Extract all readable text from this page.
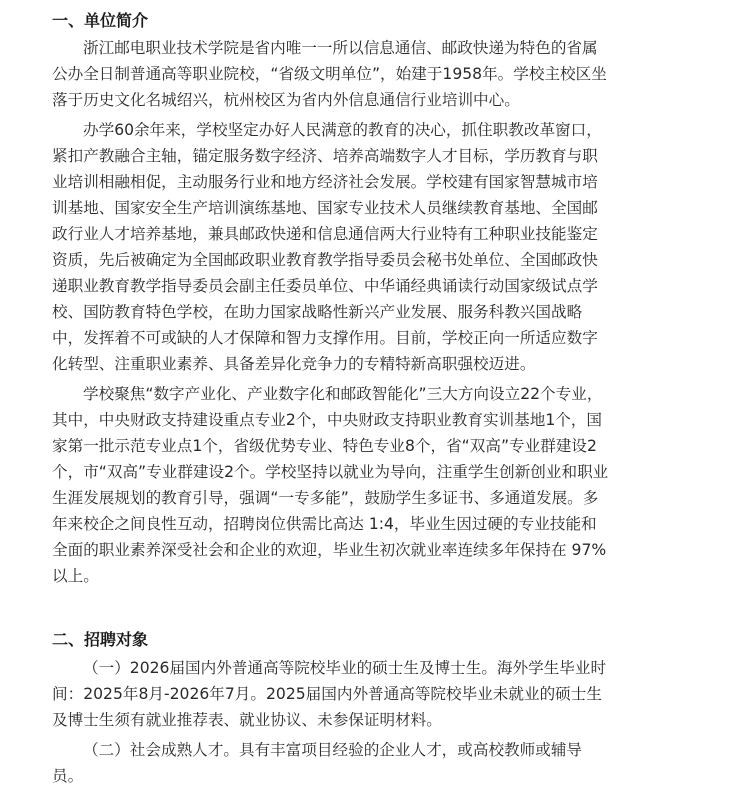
一、单位简介
浙江邮电职业技术学院是省内唯一一所以信息通信、邮政快递为特色的省属
公办全日制普通高等职业院校，“省级文明单位”，始建于1958年。学校主校区坐
落于历史文化名城绍兴，杭州校区为省内外信息通信行业培训中心。
办学60余年来，学校坚定办好人民满意的教育的决心，抓住职教改革窗口，
紧扣产教融合主轴，锚定服务数字经济、培养高端数字人才目标，学历教育与职
业培训相融相促，主动服务行业和地方经济社会发展。学校建有国家智慧城市培
训基地、国家安全生产培训演练基地、国家专业技术人员继续教育基地、全国邮
政行业人才培养基地，兼具邮政快递和信息通信两大行业特有工种职业技能鉴定
资质，先后被确定为全国邮政职业教育教学指导委员会秘书处单位、全国邮政快
递职业教育教学指导委员会副主任委员单位、中华诵经典诵读行动国家级试点学
校、国防教育特色学校，在助力国家战略性新兴产业发展、服务科教兴国战略
中，发挥着不可或缺的人才保障和智力支撑作用。目前，学校正向一所适应数字
化转型、注重职业素养、具备差异化竞争力的专精特新高职强校迈进。
学校聚焦“数字产业化、产业数字化和邮政智能化”三大方向设立22个专业，
其中，中央财政支持建设重点专业2个，中央财政支持职业教育实训基地1个，国
家第一批示范专业点1个，省级优势专业、特色专业8个，省“双高”专业群建设2
个，市“双高”专业群建设2个。学校坚持以就业为导向，注重学生创新创业和职业
生涯发展规划的教育引导，强调“一专多能”，鼓励学生多证书、多通道发展。多
年来校企之间良性互动，招聘岗位供需比高达 1:4，毕业生因过硬的专业技能和
全面的职业素养深受社会和企业的欢迎，毕业生初次就业率连续多年保持在 97%
以上。
二、招聘对象
（一）2026届国内外普通高等院校毕业的硕士生及博士生。海外学生毕业时
间：2025年8月-2026年7月。2025届国内外普通高等院校毕业未就业的硕士生
及博士生须有就业推荐表、就业协议、未参保证明材料。
（二）社会成熟人才。具有丰富项目经验的企业人才，或高校教师或辅导
员。
